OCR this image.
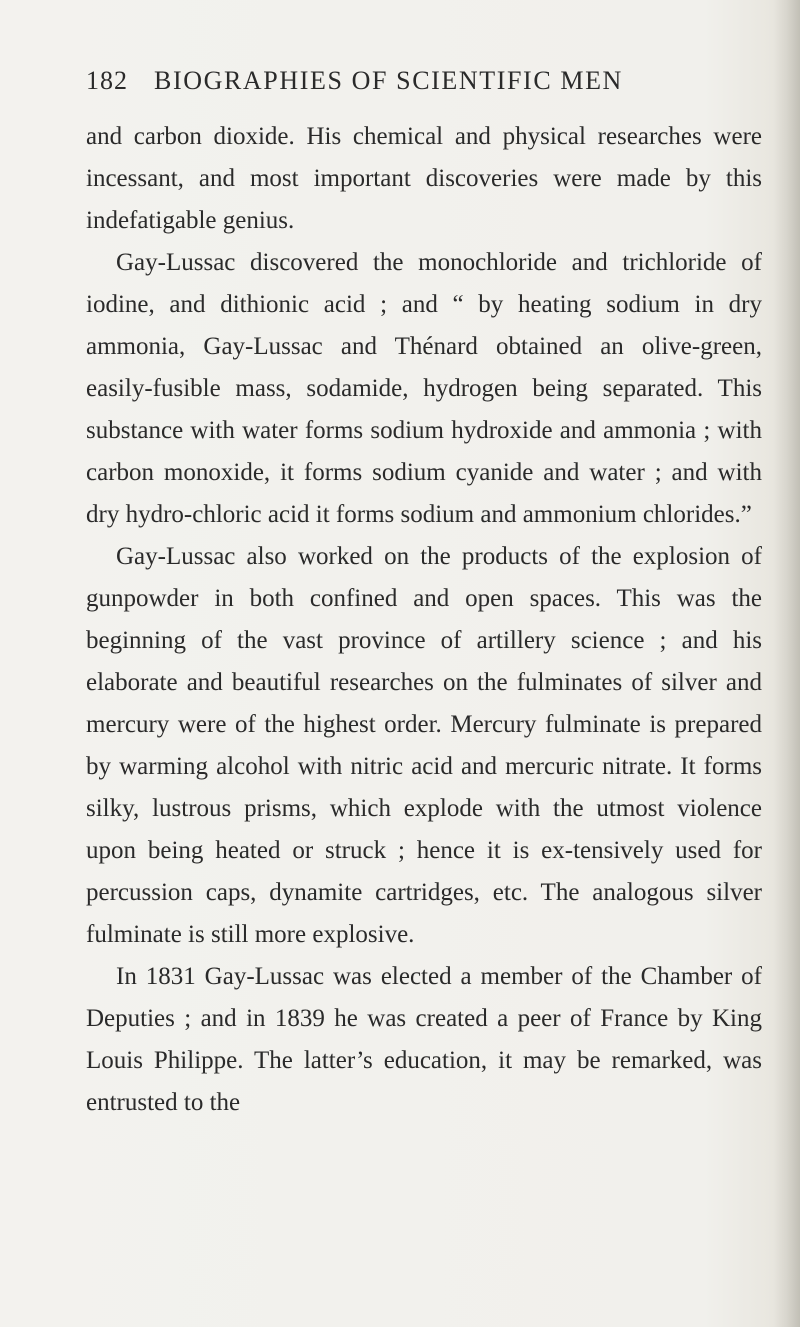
182 BIOGRAPHIES OF SCIENTIFIC MEN

and carbon dioxide. His chemical and physical researches were incessant, and most important discoveries were made by this indefatigable genius.

Gay-Lussac discovered the monochloride and trichloride of iodine, and dithionic acid ; and “ by heating sodium in dry ammonia, Gay-Lussac and Thénard obtained an olive-green, easily-fusible mass, sodamide, hydrogen being separated. This substance with water forms sodium hydroxide and ammonia ; with carbon monoxide, it forms sodium cyanide and water ; and with dry hydro-chloric acid it forms sodium and ammonium chlorides.”

Gay-Lussac also worked on the products of the explosion of gunpowder in both confined and open spaces. This was the beginning of the vast province of artillery science ; and his elaborate and beautiful researches on the fulminates of silver and mercury were of the highest order. Mercury fulminate is prepared by warming alcohol with nitric acid and mercuric nitrate. It forms silky, lustrous prisms, which explode with the utmost violence upon being heated or struck ; hence it is ex-tensively used for percussion caps, dynamite cartridges, etc. The analogous silver fulminate is still more explosive.

In 1831 Gay-Lussac was elected a member of the Chamber of Deputies ; and in 1839 he was created a peer of France by King Louis Philippe. The latter’s education, it may be remarked, was entrusted to the
